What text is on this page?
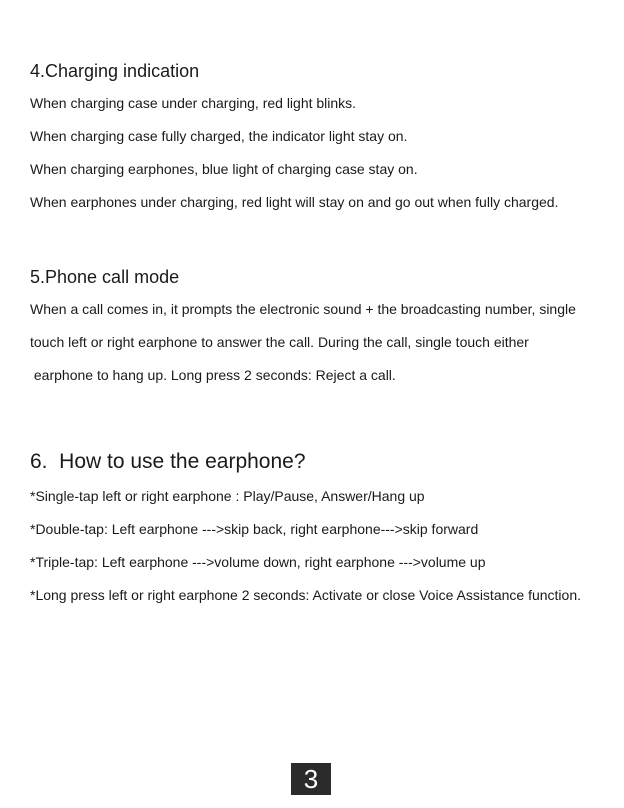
4.Charging indication

When charging case under charging, red light blinks.

When charging case fully charged, the indicator light stay on.

When charging earphones, blue light of charging case stay on.

When earphones under charging, red light will stay on and go out when fully charged.

5.Phone call mode

When a call comes in, it prompts the electronic sound + the broadcasting number, single

touch left or right earphone to answer the call. During the call, single touch either

earphone to hang up. Long press 2 seconds: Reject a call.

6.  How to use the earphone?

*Single-tap left or right earphone : Play/Pause, Answer/Hang up

*Double-tap: Left earphone --->skip back, right earphone--->skip forward

*Triple-tap: Left earphone --->volume down, right earphone --->volume up

*Long press left or right earphone 2 seconds: Activate or close Voice Assistance function.

3
